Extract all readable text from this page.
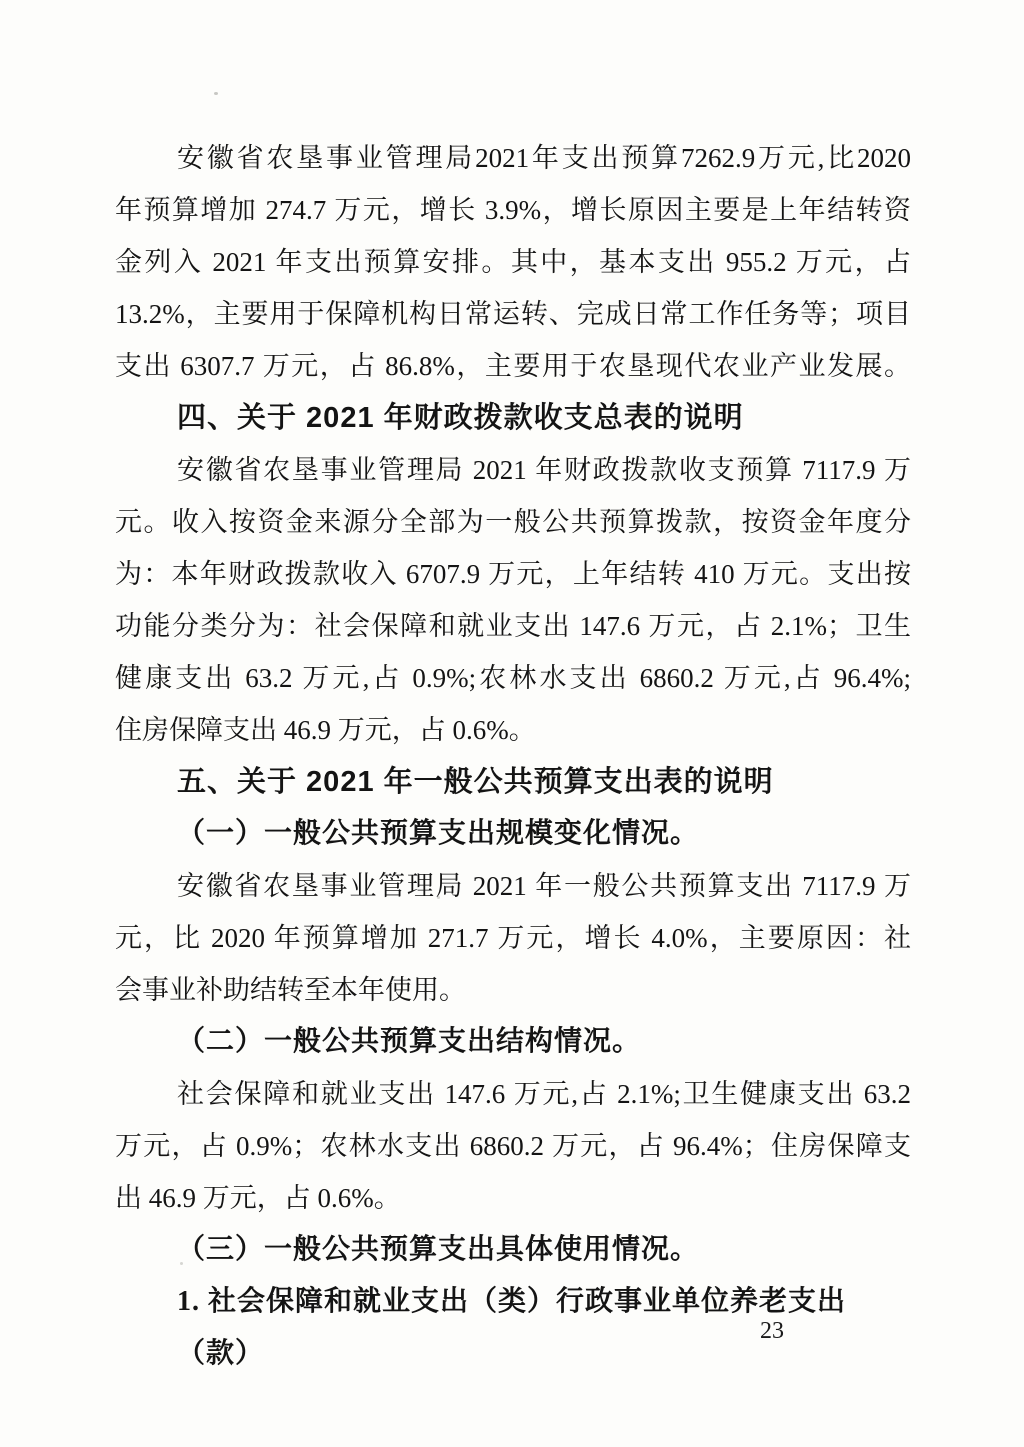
安徽省农垦事业管理局2021年支出预算7262.9万元,比2020
年预算增加 274.7 万元，增长 3.9%，增长原因主要是上年结转资
金列入 2021 年支出预算安排。其中，基本支出 955.2 万元，占
13.2%，主要用于保障机构日常运转、完成日常工作任务等；项目
支出 6307.7 万元，占 86.8%，主要用于农垦现代农业产业发展。
四、关于 2021 年财政拨款收支总表的说明
安徽省农垦事业管理局 2021 年财政拨款收支预算 7117.9 万
元。收入按资金来源分全部为一般公共预算拨款，按资金年度分
为：本年财政拨款收入 6707.9 万元，上年结转 410 万元。支出按
功能分类分为：社会保障和就业支出 147.6 万元，占 2.1%；卫生
健康支出 63.2 万元,占 0.9%;农林水支出 6860.2 万元,占 96.4%;
住房保障支出 46.9 万元，占 0.6%。
五、关于 2021 年一般公共预算支出表的说明
（一）一般公共预算支出规模变化情况。
安徽省农垦事业管理局 2021 年一般公共预算支出 7117.9 万
元，比 2020 年预算增加 271.7 万元，增长 4.0%，主要原因：社
会事业补助结转至本年使用。
（二）一般公共预算支出结构情况。
社会保障和就业支出 147.6 万元,占 2.1%;卫生健康支出 63.2
万元，占 0.9%；农林水支出 6860.2 万元，占 96.4%；住房保障支
出 46.9 万元，占 0.6%。
（三）一般公共预算支出具体使用情况。
1. 社会保障和就业支出（类）行政事业单位养老支出（款）
23
